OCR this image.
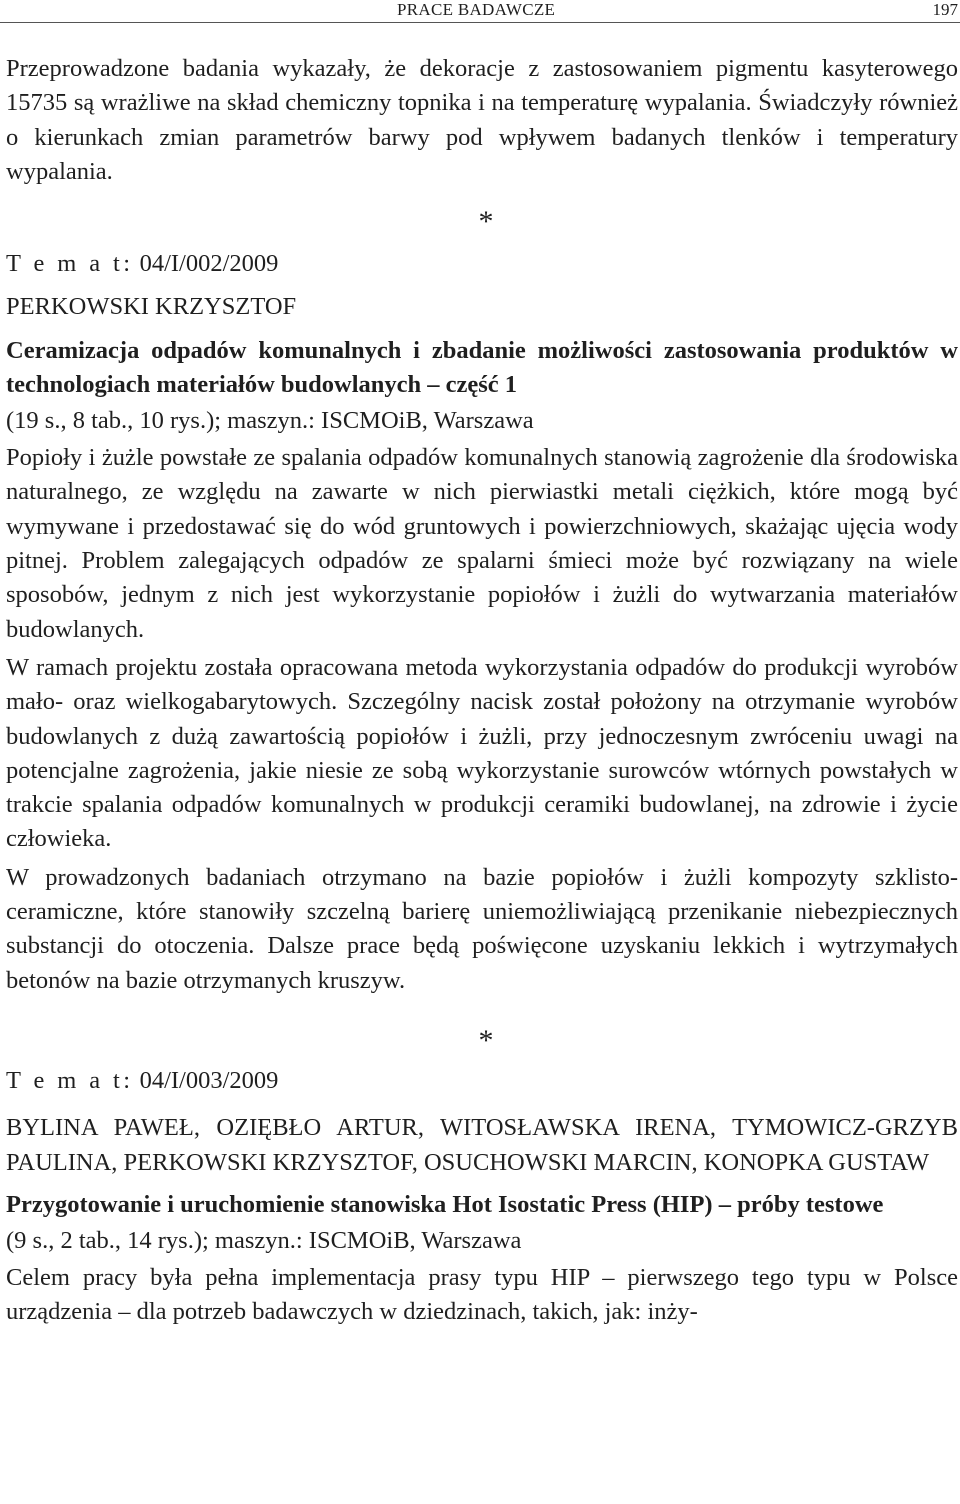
PRACE BADAWCZE	197

Przeprowadzone badania wykazały, że dekoracje z zastosowaniem pigmentu kasyterowego 15735 są wrażliwe na skład chemiczny topnika i na temperaturę wypalania. Świadczyły również o kierunkach zmian parametrów barwy pod wpływem badanych tlenków i temperatury wypalania.

*

T e m a t: 04/I/002/2009

PERKOWSKI KRZYSZTOF

Ceramizacja odpadów komunalnych i zbadanie możliwości zastosowania produktów w technologiach materiałów budowlanych – część 1

(19 s., 8 tab., 10 rys.); maszyn.: ISCMOiB, Warszawa

Popioły i żużle powstałe ze spalania odpadów komunalnych stanowią zagrożenie dla środowiska naturalnego, ze względu na zawarte w nich pierwiastki metali ciężkich, które mogą być wymywane i przedostawać się do wód gruntowych i powierzchniowych, skażając ujęcia wody pitnej. Problem zalegających odpadów ze spalarni śmieci może być rozwiązany na wiele sposobów, jednym z nich jest wykorzystanie popiołów i żużli do wytwarzania materiałów budowlanych.

W ramach projektu została opracowana metoda wykorzystania odpadów do produkcji wyrobów mało- oraz wielkogabarytowych. Szczególny nacisk został położony na otrzymanie wyrobów budowlanych z dużą zawartością popiołów i żużli, przy jednoczesnym zwróceniu uwagi na potencjalne zagrożenia, jakie niesie ze sobą wykorzystanie surowców wtórnych powstałych w trakcie spalania odpadów komunalnych w produkcji ceramiki budowlanej, na zdrowie i życie człowieka.

W prowadzonych badaniach otrzymano na bazie popiołów i żużli kompozyty szklisto-ceramiczne, które stanowiły szczelną barierę uniemożliwiającą przenikanie niebezpiecznych substancji do otoczenia. Dalsze prace będą poświęcone uzyskaniu lekkich i wytrzymałych betonów na bazie otrzymanych kruszyw.

*

T e m a t: 04/I/003/2009

BYLINA PAWEŁ, OZIĘBŁO ARTUR, WITOSŁAWSKA IRENA, TYMOWICZ-GRZYB PAULINA, PERKOWSKI KRZYSZTOF, OSUCHOWSKI MARCIN, KONOPKA GUSTAW

Przygotowanie i uruchomienie stanowiska Hot Isostatic Press (HIP) – próby testowe

(9 s., 2 tab., 14 rys.); maszyn.: ISCMOiB, Warszawa

Celem pracy była pełna implementacja prasy typu HIP – pierwszego tego typu w Polsce urządzenia – dla potrzeb badawczych w dziedzinach, takich, jak: inży-
